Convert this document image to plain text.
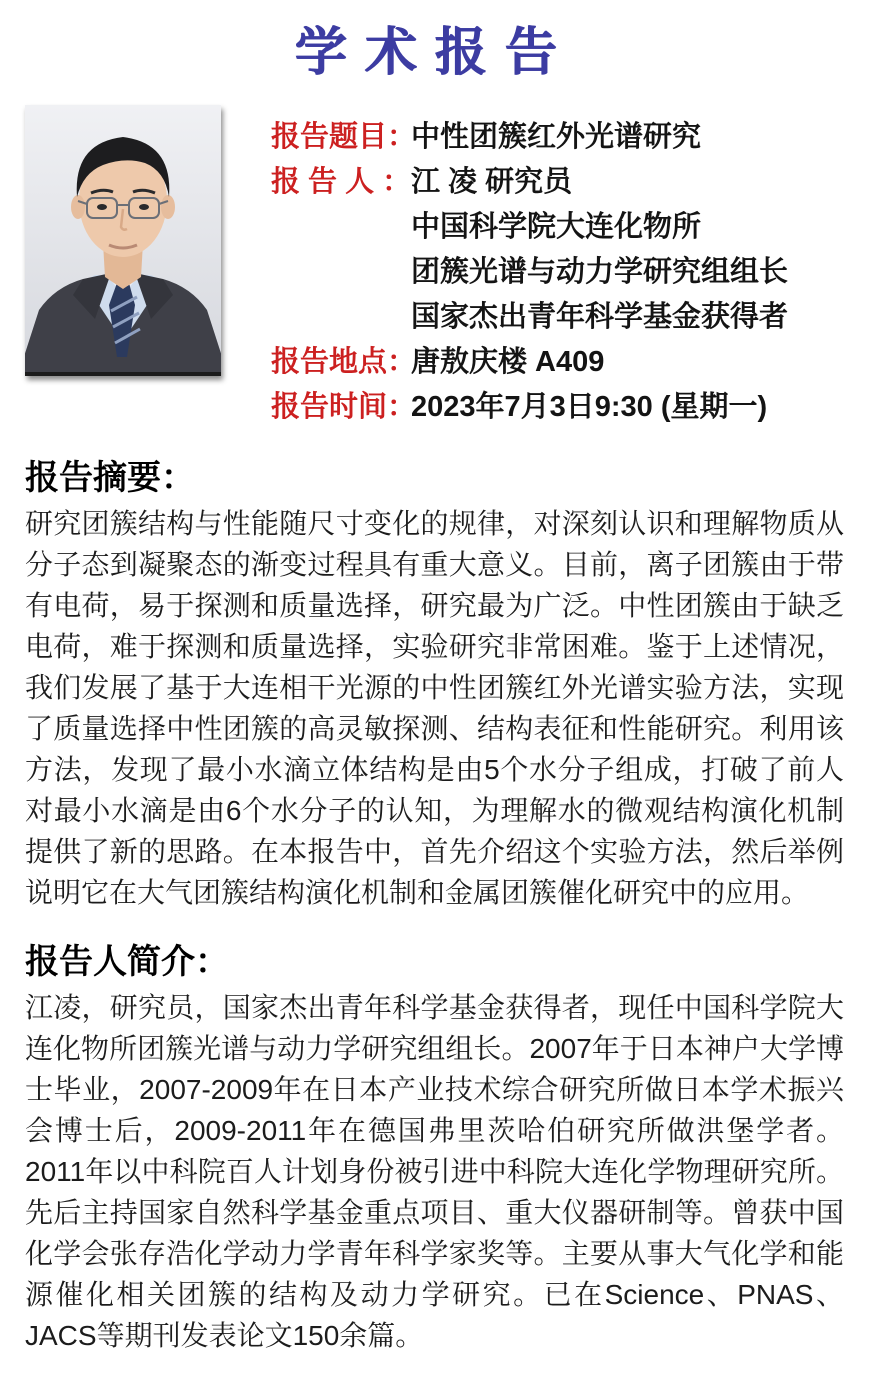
学术报告
报告题目：
中性团簇红外光谱研究
报 告 人 ： 江 凌 研究员
中国科学院大连化物所
团簇光谱与动力学研究组组长
国家杰出青年科学基金获得者
报告地点：
唐敖庆楼 A409
报告时间：
2023年7月3日9:30 (星期一)
报告摘要：
研究团簇结构与性能随尺寸变化的规律，对深刻认识和理解物质从分子态到凝聚态的渐变过程具有重大意义。目前，离子团簇由于带有电荷，易于探测和质量选择，研究最为广泛。中性团簇由于缺乏电荷，难于探测和质量选择，实验研究非常困难。鉴于上述情况，我们发展了基于大连相干光源的中性团簇红外光谱实验方法，实现了质量选择中性团簇的高灵敏探测、结构表征和性能研究。利用该方法，发现了最小水滴立体结构是由5个水分子组成，打破了前人对最小水滴是由6个水分子的认知，为理解水的微观结构演化机制提供了新的思路。在本报告中，首先介绍这个实验方法，然后举例说明它在大气团簇结构演化机制和金属团簇催化研究中的应用。
报告人简介：
江凌，研究员，国家杰出青年科学基金获得者，现任中国科学院大连化物所团簇光谱与动力学研究组组长。2007年于日本神户大学博士毕业，2007-2009年在日本产业技术综合研究所做日本学术振兴会博士后，2009-2011年在德国弗里茨哈伯研究所做洪堡学者。2011年以中科院百人计划身份被引进中科院大连化学物理研究所。先后主持国家自然科学基金重点项目、重大仪器研制等。曾获中国化学会张存浩化学动力学青年科学家奖等。主要从事大气化学和能源催化相关团簇的结构及动力学研究。已在Science、PNAS、JACS等期刊发表论文150余篇。
